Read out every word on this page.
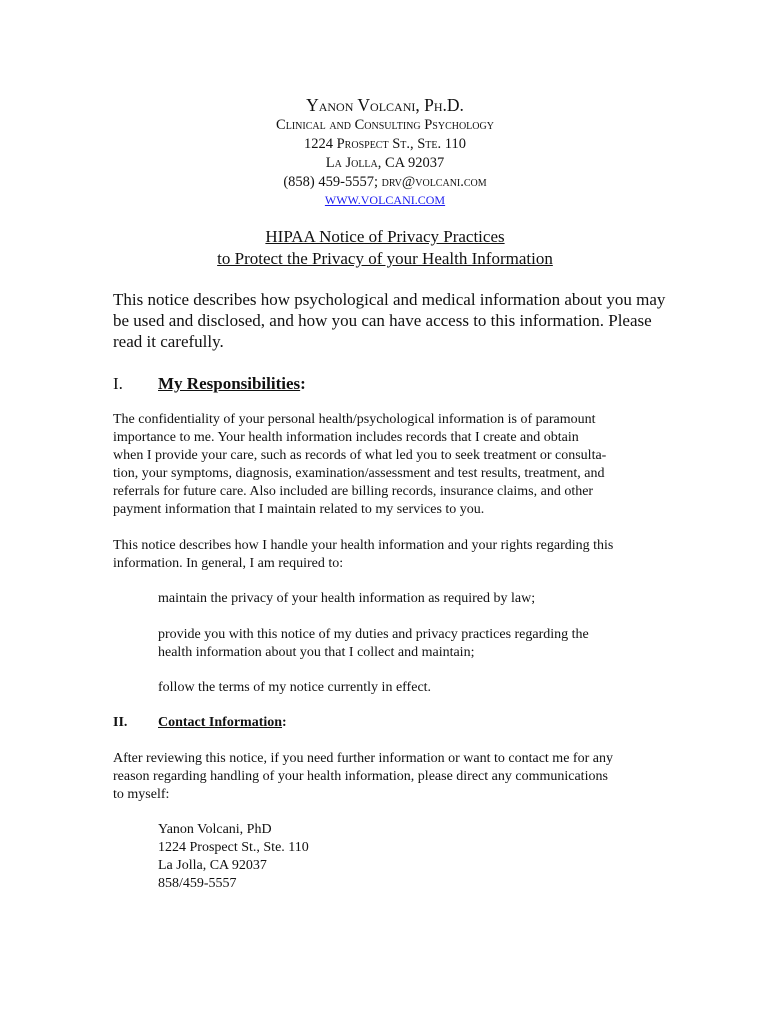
Yanon Volcani, Ph.D.
Clinical and Consulting Psychology
1224 Prospect St., Ste. 110
La Jolla, CA 92037
(858) 459-5557; drv@volcani.com
WWW.VOLCANI.COM
HIPAA Notice of Privacy Practices
to Protect the Privacy of your Health Information
This notice describes how psychological and medical information about you may be used and disclosed, and how you can have access to this information. Please read it carefully.
I. My Responsibilities:

The confidentiality of your personal health/psychological information is of paramount
importance to me. Your health information includes records that I create and obtain
when I provide your care, such as records of what led you to seek treatment or consulta-
tion, your symptoms, diagnosis, examination/assessment and test results, treatment, and
referrals for future care. Also included are billing records, insurance claims, and other
payment information that I maintain related to my services to you.

This notice describes how I handle your health information and your rights regarding this
information. In general, I am required to:

maintain the privacy of your health information as required by law;

provide you with this notice of my duties and privacy practices regarding the
health information about you that I collect and maintain;

follow the terms of my notice currently in effect.

II. Contact Information:

After reviewing this notice, if you need further information or want to contact me for any
reason regarding handling of your health information, please direct any communications
to myself:

Yanon Volcani, PhD
1224 Prospect St., Ste. 110
La Jolla, CA 92037
858/459-5557
